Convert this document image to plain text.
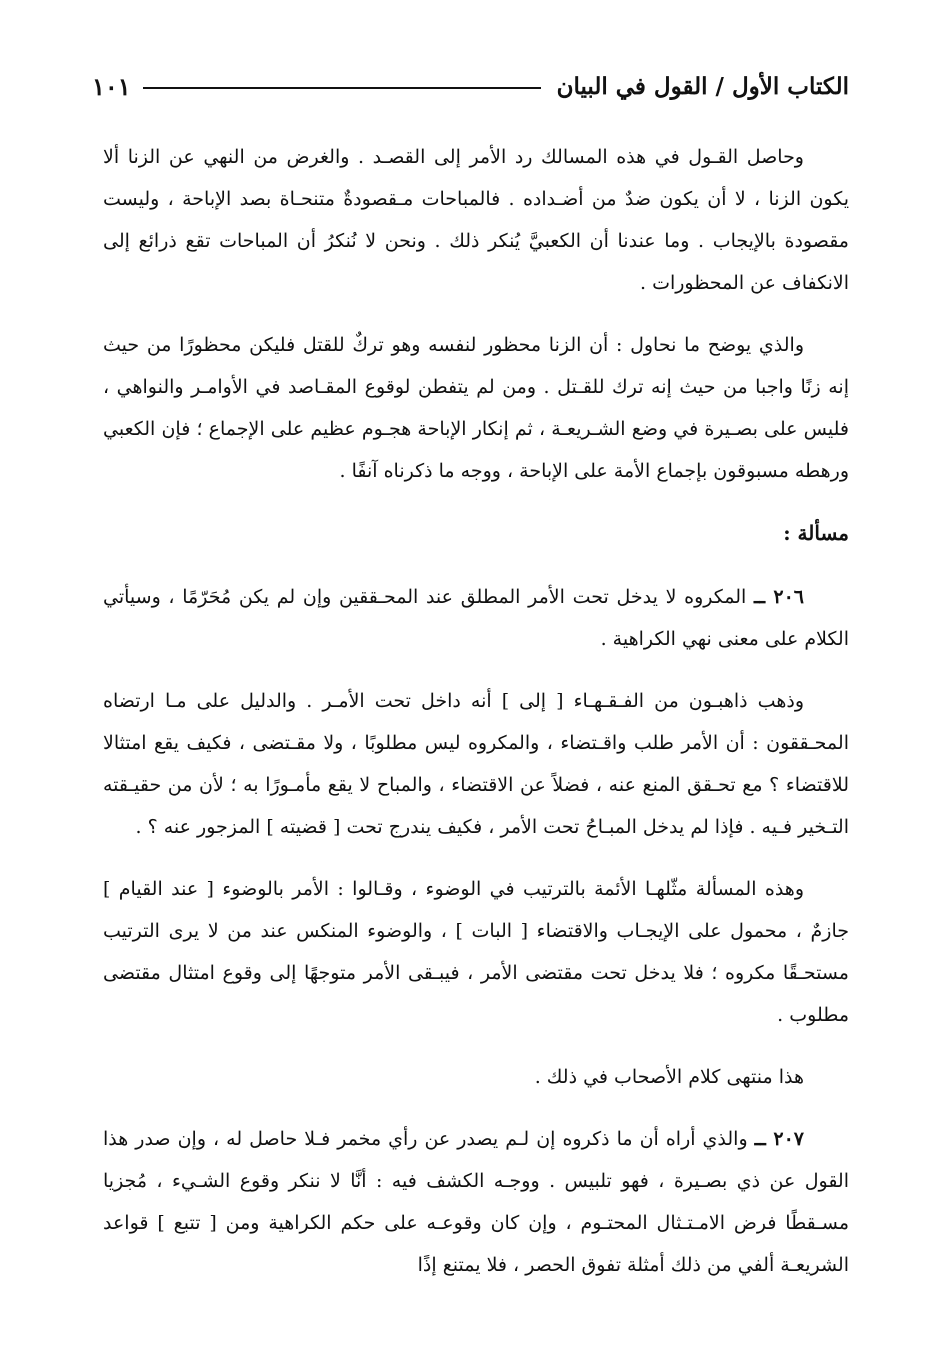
الكتاب الأول / القول في البيان
١٠١

وحاصل القـول في هذه المسالك رد الأمر إلى القصـد . والغرض من النهي عن الزنا ألا يكون الزنا ، لا أن يكون ضدٌ من أضـداده . فالمباحات مـقصودةٌ متنحـاة بصد الإباحة ، وليست مقصودة بالإيجاب . وما عندنا أن الكعبيَّ يُنكر ذلك . ونحن لا نُنكرُ أن المباحات تقع ذرائع إلى الانكفاف عن المحظورات .

والذي يوضح ما نحاول : أن الزنا محظور لنفسه وهو تركٌ للقتل فليكن محظورًا من حيث إنه زنًا واجبا من حيث إنه ترك للقـتل . ومن لم يتفطن لوقوع المقـاصد في الأوامـر والنواهي ، فليس على بصـيرة في وضع الشـريعـة ، ثم إنكار الإباحة هجـوم عظيم على الإجماع ؛ فإن الكعبي ورهطه مسبوقون بإجماع الأمة على الإباحة ، ووجه ما ذكرناه آنفًا .

مسألة :

٢٠٦ ــ المكروه لا يدخل تحت الأمر المطلق عند المحـققين وإن لم يكن مُحَرّمًا ، وسيأتي الكلام على معنى نهي الكراهية .

وذهب ذاهبـون من الفـقـهـاء [ إلى ] أنه داخل تحت الأمـر . والدليل على مـا ارتضاه المحـققون : أن الأمر طلب واقـتضاء ، والمكروه ليس مطلوبًا ، ولا مقـتضى ، فكيف يقع امتثالا للاقتضاء ؟ مع تحـقق المنع عنه ، فضلاً عن الاقتضاء ، والمباح لا يقع مأمـورًا به ؛ لأن من حقيـقته التـخير فـيه . فإذا لم يدخل المبـاحُ تحت الأمر ، فكيف يندرج تحت [ قضيته ] المزجور عنه ؟ .

وهذه المسألة مثّلهـا الأئمة بالترتيب في الوضوء ، وقـالوا : الأمر بالوضوء [ عند القيام ] جازمٌ ، محمول على الإيجـاب والاقتضاء [ البات ] ، والوضوء المنكس عند من لا يرى الترتيب مستحـقًا مكروه ؛ فلا يدخل تحت مقتضى الأمر ، فيبـقى الأمر متوجهًا إلى وقوع امتثال مقتضى مطلوب .

هذا منتهى كلام الأصحاب في ذلك .

٢٠٧ ــ والذي أراه أن ما ذكروه إن لـم يصدر عن رأي مخمر فـلا حاصل له ، وإن صدر هذا القول عن ذي بصـيرة ، فهو تلبيس . ووجـه الكشف فيه : أنَّا لا ننكر وقوع الشـيء ، مُجزيا مسـقطًا فرض الامـتـثال المحتـوم ، وإن كان وقوعـه على حكم الكراهية ومن [ تتبع ] قواعد الشريعـة ألفي من ذلك أمثلة تفوق الحصر ، فلا يمتنع إذًا
